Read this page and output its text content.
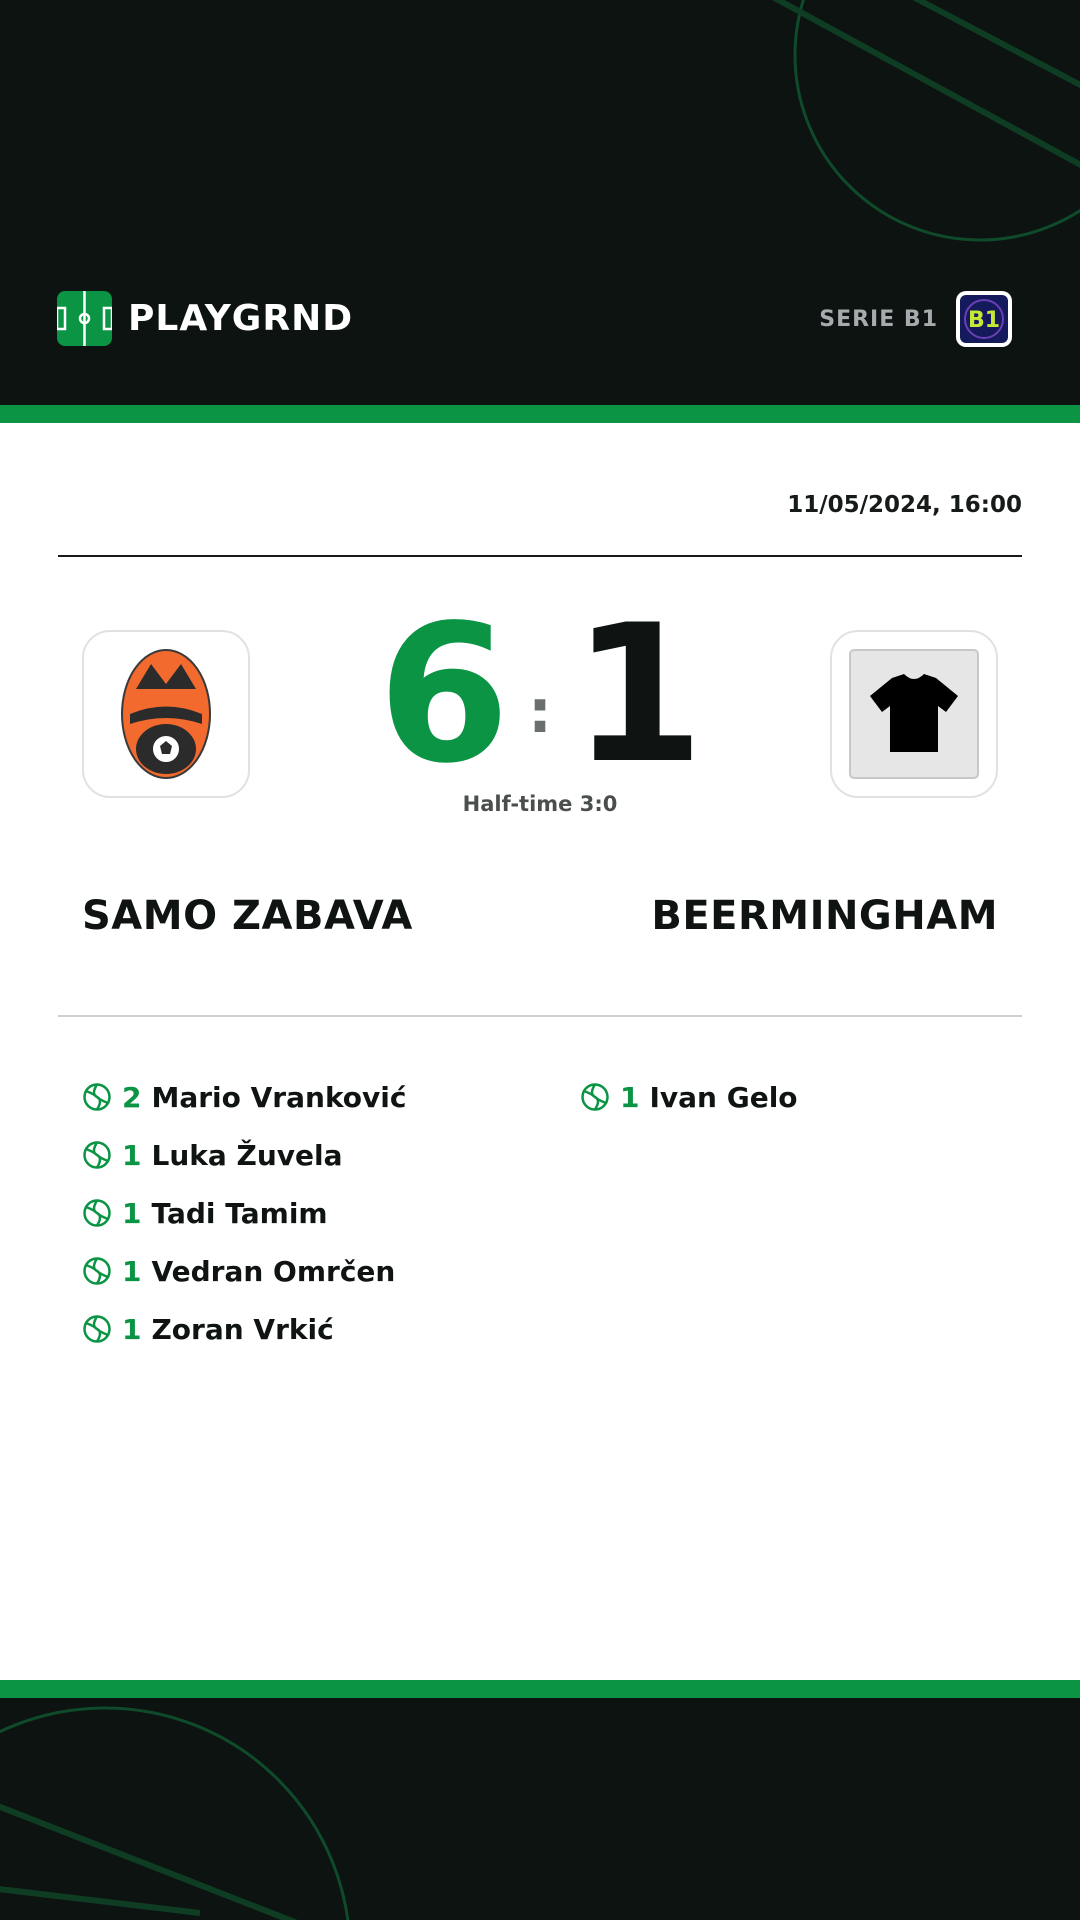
PLAYGRND	SERIE B1 B1
11/05/2024, 16:00
6 : 1
Half-time 3:0
SAMO ZABAVA	BEERMINGHAM
2 Mario Vranković
1 Luka Žuvela
1 Tadi Tamim
1 Vedran Omrčen
1 Zoran Vrkić
1 Ivan Gelo
